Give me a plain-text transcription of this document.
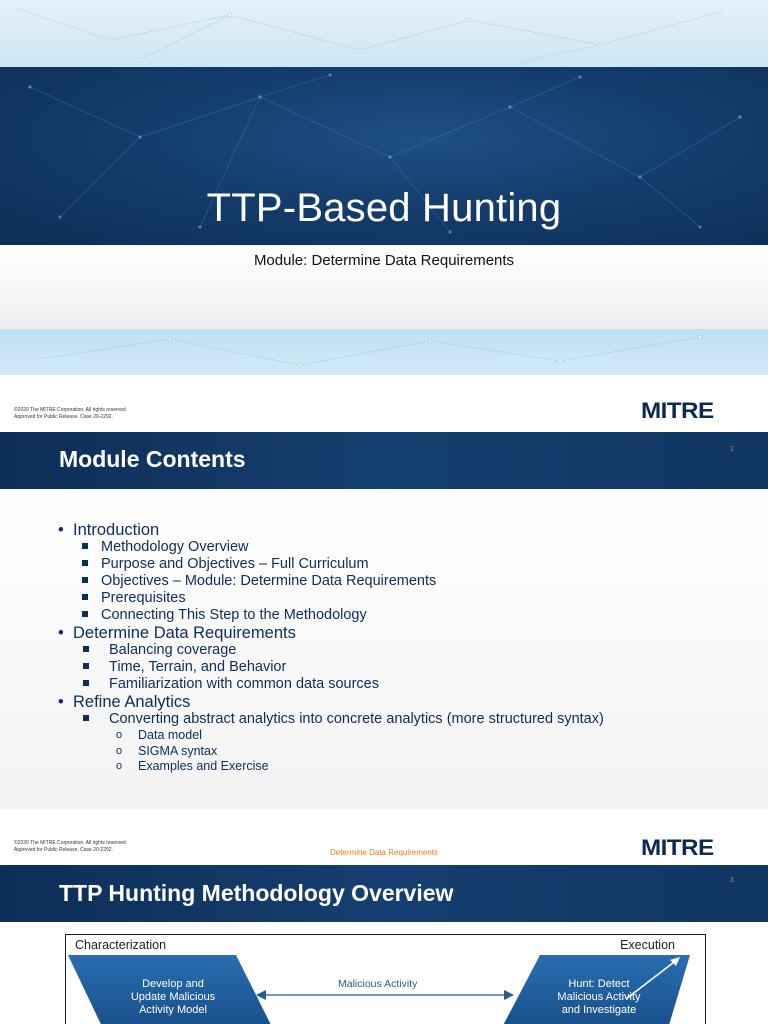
TTP-Based Hunting
Module: Determine Data Requirements
©2020 The MITRE Corporation. All rights reserved.
Approved for Public Release, Case 20-2292.	MITRE
Module Contents	2
• Introduction
Methodology Overview
Purpose and Objectives – Full Curriculum
Objectives – Module: Determine Data Requirements
Prerequisites
Connecting This Step to the Methodology
• Determine Data Requirements
Balancing coverage
Time, Terrain, and Behavior
Familiarization with common data sources
• Refine Analytics
Converting abstract analytics into concrete analytics (more structured syntax)
o Data model
o SIGMA syntax
o Examples and Exercise
©2020 The MITRE Corporation. All rights reserved.
Approved for Public Release, Case 20-2292.	Determine Data Requirements	MITRE
TTP Hunting Methodology Overview	3
Characterization	Execution
Develop and
Update Malicious
Activity Model
Hunt: Detect
Malicious Activity
and Investigate
Malicious Activity
